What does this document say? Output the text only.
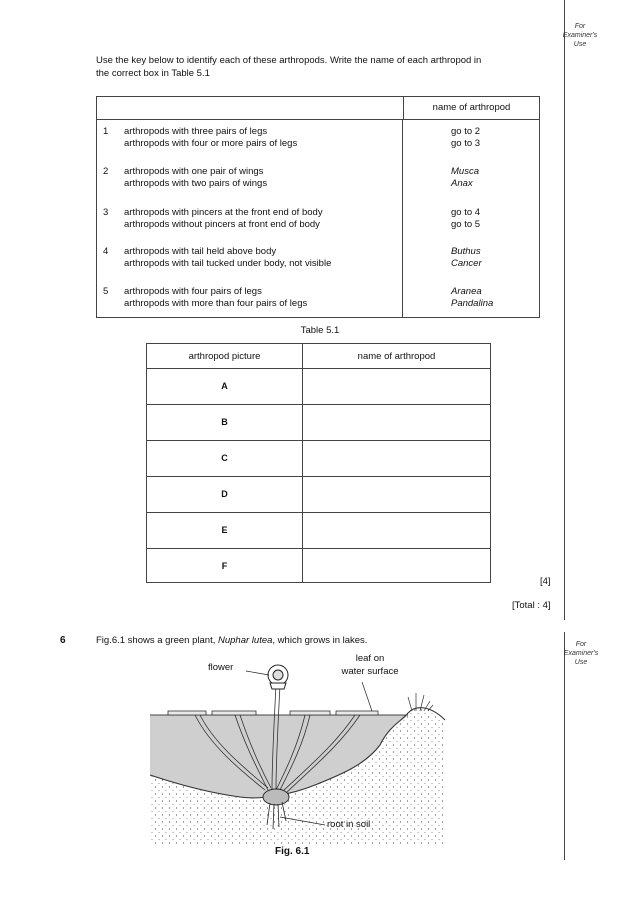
For
Examiner's
Use
For
Examiner's
Use
Use the key below to identify each of these arthropods. Write the name of each arthropod in
the correct box in Table 5.1
name of arthropod
1 arthropods with three pairs of legs
arthropods with four or more pairs of legs
go to 2
go to 3
2 arthropods with one pair of wings
arthropods with two pairs of wings
Musca
Anax
3 arthropods with pincers at the front end of body
arthropods without pincers at front end of body
go to 4
go to 5
4 arthropods with tail held above body
arthropods with tail tucked under body, not visible
Buthus
Cancer
5 arthropods with four pairs of legs
arthropods with more than four pairs of legs
Aranea
Pandalina
Table 5.1
arthropod picture	name of arthropod
A
B
C
D
E
F
[4]
[Total : 4]
6	Fig.6.1 shows a green plant, Nuphar lutea, which grows in lakes.
flower
leaf on
water surface
root in soil
Fig. 6.1
